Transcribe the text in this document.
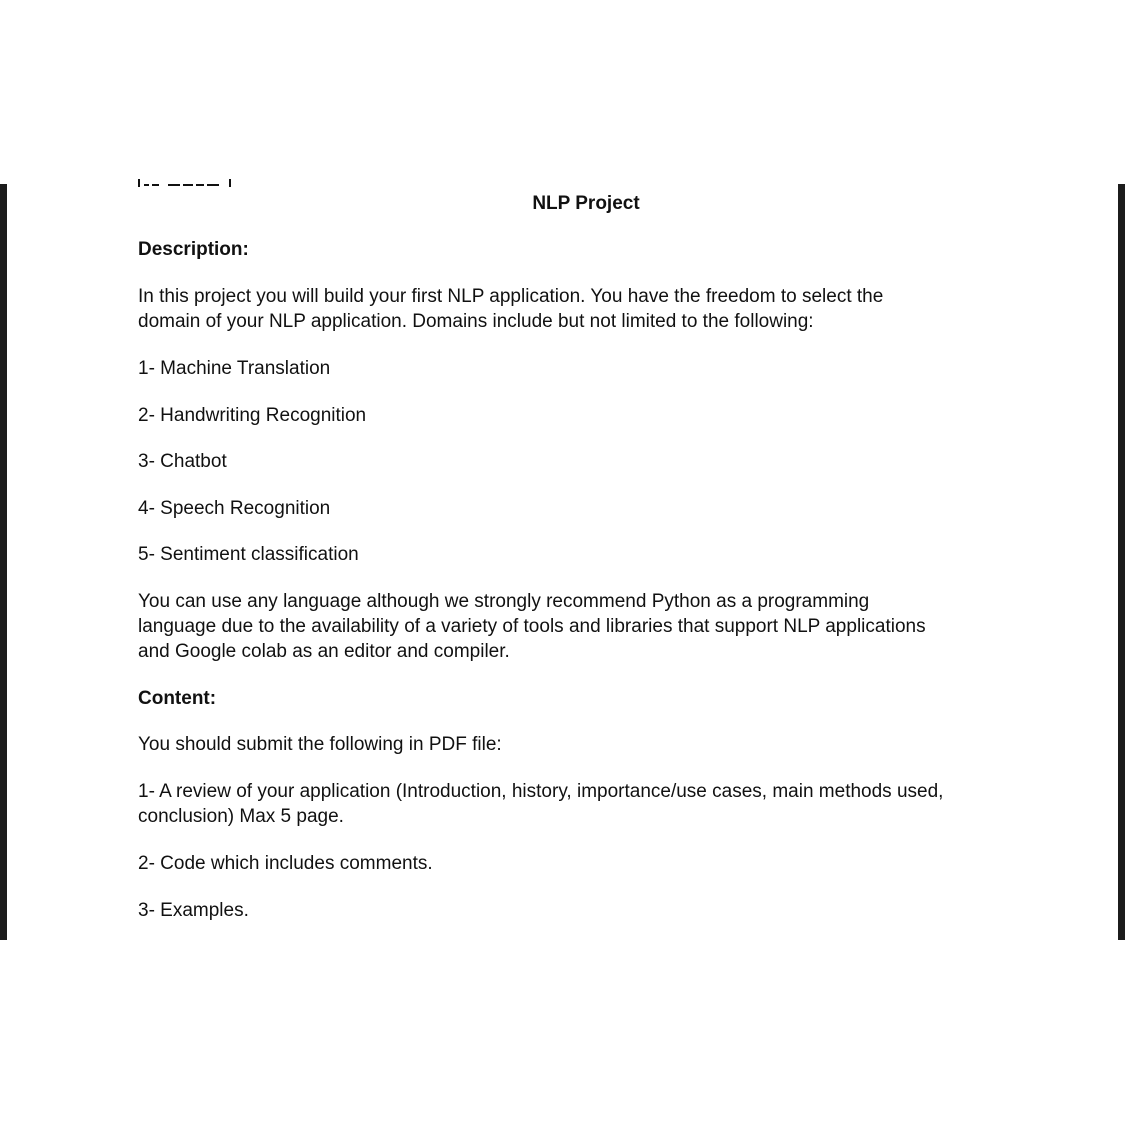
NLP Project

Description:

In this project you will build your first NLP application. You have the freedom to select the

domain of your NLP application. Domains include but not limited to the following:

1- Machine Translation

2- Handwriting Recognition

3- Chatbot

4- Speech Recognition

5- Sentiment classification

You can use any language although we strongly recommend Python as a programming

language due to the availability of a variety of tools and libraries that support NLP applications

and Google colab as an editor and compiler.

Content:

You should submit the following in PDF file:

1- A review of your application (Introduction, history, importance/use cases, main methods used,

conclusion) Max 5 page.

2- Code which includes comments.

3- Examples.
